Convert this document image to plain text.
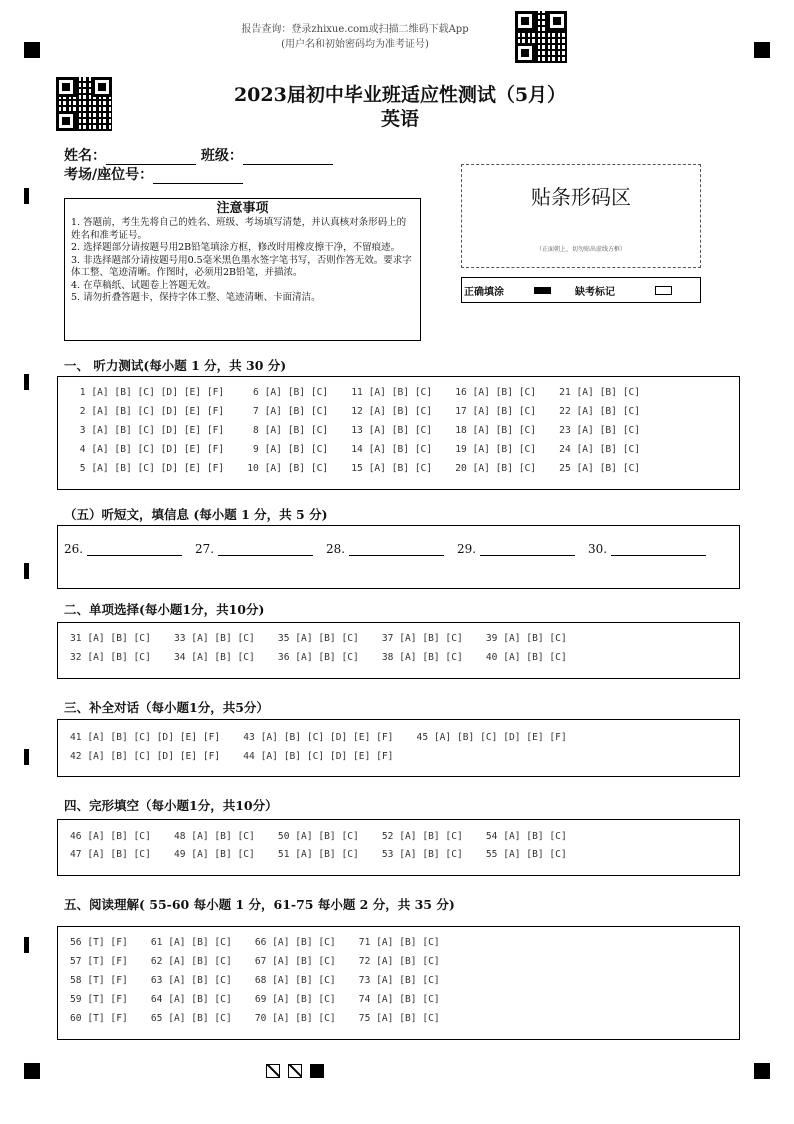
报告查询：登录zhixue.com或扫描二维码下载App
(用户名和初始密码均为准考证号)
2023届初中毕业班适应性测试（5月）
英语
姓名：	班级：
考场/座位号：
注意事项

1. 答题前，考生先将自己的姓名、班级、考场填写清楚，并认真核对条形码上的姓名和准考证号。

2. 选择题部分请按题号用2B铅笔填涂方框，修改时用橡皮擦干净，不留痕迹。

3. 非选择题部分请按题号用0.5毫米黑色墨水签字笔书写，否则作答无效。要求字体工整、笔迹清晰。作图时，必须用2B铅笔，并描浓。

4. 在草稿纸、试题卷上答题无效。

5. 请勿折叠答题卡，保持字体工整、笔迹清晰、卡面清洁。

贴条形码区
（正面朝上，切勿贴出虚线方框）
正确填涂	缺考标记
一、 听力测试(每小题 1 分，共 30 分)
1 [A] [B] [C] [D] [E] [F]     6 [A] [B] [C]    11 [A] [B] [C]    16 [A] [B] [C]    21 [A] [B] [C]
2 [A] [B] [C] [D] [E] [F]     7 [A] [B] [C]    12 [A] [B] [C]    17 [A] [B] [C]    22 [A] [B] [C]
3 [A] [B] [C] [D] [E] [F]     8 [A] [B] [C]    13 [A] [B] [C]    18 [A] [B] [C]    23 [A] [B] [C]
4 [A] [B] [C] [D] [E] [F]     9 [A] [B] [C]    14 [A] [B] [C]    19 [A] [B] [C]    24 [A] [B] [C]
5 [A] [B] [C] [D] [E] [F]    10 [A] [B] [C]    15 [A] [B] [C]    20 [A] [B] [C]    25 [A] [B] [C]
（五）听短文，填信息 (每小题 1 分，共 5 分)
26.	27.	28.	29.	30.
二、单项选择(每小题1分，共10分)
31 [A] [B] [C]    33 [A] [B] [C]    35 [A] [B] [C]    37 [A] [B] [C]    39 [A] [B] [C]
32 [A] [B] [C]    34 [A] [B] [C]    36 [A] [B] [C]    38 [A] [B] [C]    40 [A] [B] [C]
三、补全对话（每小题1分，共5分）
41 [A] [B] [C] [D] [E] [F]    43 [A] [B] [C] [D] [E] [F]    45 [A] [B] [C] [D] [E] [F]
42 [A] [B] [C] [D] [E] [F]    44 [A] [B] [C] [D] [E] [F]
四、完形填空（每小题1分，共10分）
46 [A] [B] [C]    48 [A] [B] [C]    50 [A] [B] [C]    52 [A] [B] [C]    54 [A] [B] [C]
47 [A] [B] [C]    49 [A] [B] [C]    51 [A] [B] [C]    53 [A] [B] [C]    55 [A] [B] [C]
五、阅读理解( 55-60 每小题 1 分，61-75 每小题 2 分，共 35 分)
56 [T] [F]    61 [A] [B] [C]    66 [A] [B] [C]    71 [A] [B] [C]
57 [T] [F]    62 [A] [B] [C]    67 [A] [B] [C]    72 [A] [B] [C]
58 [T] [F]    63 [A] [B] [C]    68 [A] [B] [C]    73 [A] [B] [C]
59 [T] [F]    64 [A] [B] [C]    69 [A] [B] [C]    74 [A] [B] [C]
60 [T] [F]    65 [A] [B] [C]    70 [A] [B] [C]    75 [A] [B] [C]
